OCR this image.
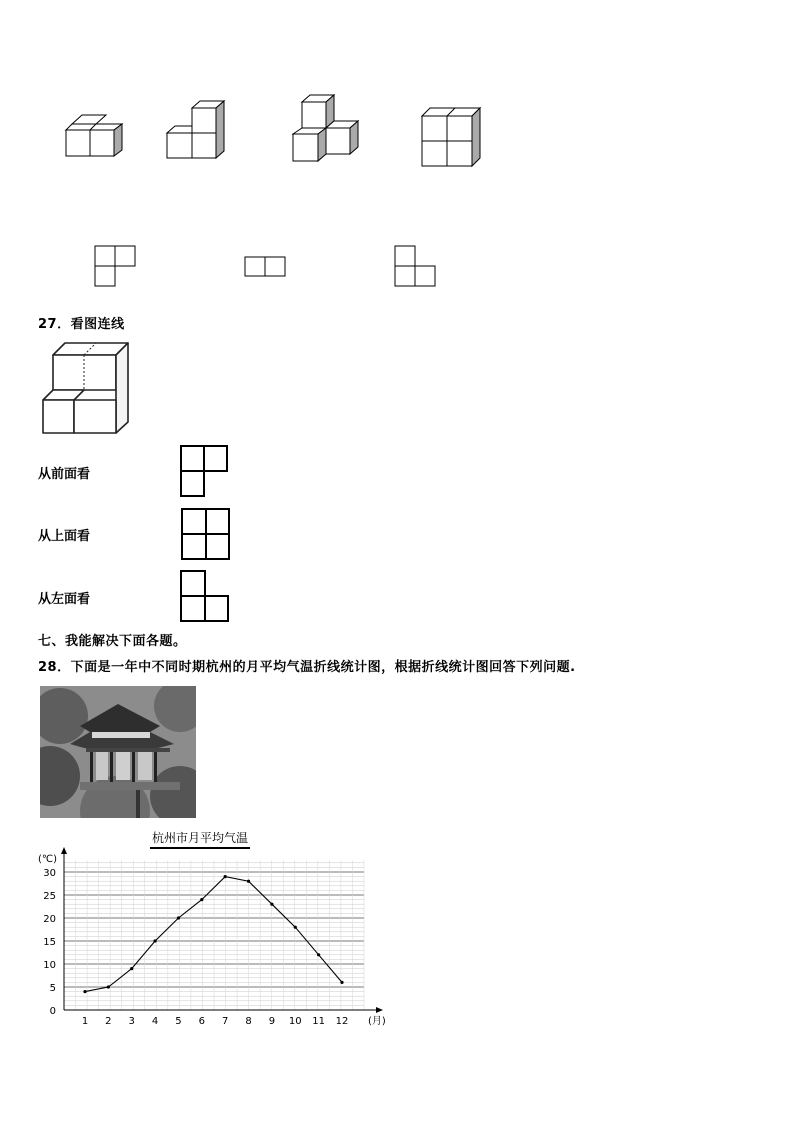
27．看图连线
从前面看
从上面看
从左面看
七、我能解决下面各题。
28．下面是一年中不同时期杭州的月平均气温折线统计图，根据折线统计图回答下列问题.
杭州市月平均气温
0
5
10
15
20
25
30
(℃)
1 2 3 4 5 6 7 8 9 10 11 12 (月)
